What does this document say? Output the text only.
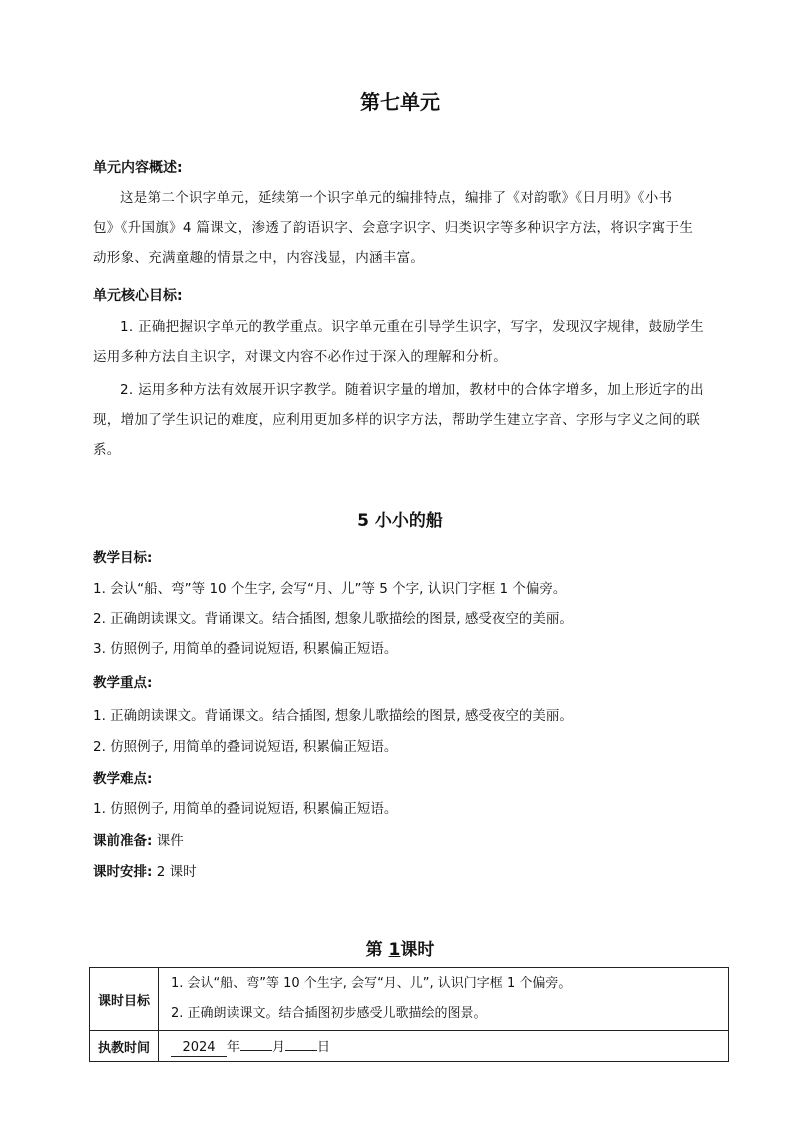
第七单元
单元内容概述:
这是第二个识字单元，延续第一个识字单元的编排特点，编排了《对韵歌》《日月明》《小书
包》《升国旗》4 篇课文，渗透了韵语识字、会意字识字、归类识字等多种识字方法，将识字寓于生
动形象、充满童趣的情景之中，内容浅显，内涵丰富。
单元核心目标:
1. 正确把握识字单元的教学重点。识字单元重在引导学生识字，写字，发现汉字规律，鼓励学生
运用多种方法自主识字，对课文内容不必作过于深入的理解和分析。
2. 运用多种方法有效展开识字教学。随着识字量的增加，教材中的合体字增多，加上形近字的出
现，增加了学生识记的难度，应利用更加多样的识字方法，帮助学生建立字音、字形与字义之间的联
系。
5 小小的船
教学目标:
1. 会认“船、弯”等 10 个生字, 会写“月、儿”等 5 个字, 认识门字框 1 个偏旁。
2. 正确朗读课文。背诵课文。结合插图, 想象儿歌描绘的图景, 感受夜空的美丽。
3. 仿照例子, 用简单的叠词说短语, 积累偏正短语。
教学重点:
1. 正确朗读课文。背诵课文。结合插图, 想象儿歌描绘的图景, 感受夜空的美丽。
2. 仿照例子, 用简单的叠词说短语, 积累偏正短语。
教学难点:
1. 仿照例子, 用简单的叠词说短语, 积累偏正短语。
课前准备: 课件
课时安排: 2 课时
第 1课时
课时目标	1. 会认“船、弯”等 10 个生字, 会写“月、儿”, 认识门字框 1 个偏旁。
2. 正确朗读课文。结合插图初步感受儿歌描绘的图景。

执教时间	2024 年 月 日
